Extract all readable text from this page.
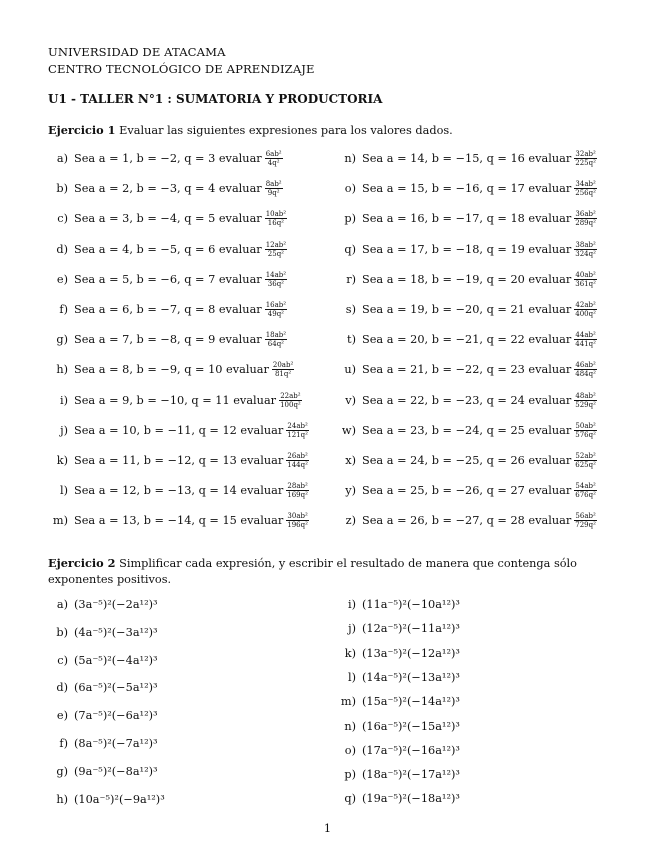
UNIVERSIDAD DE ATACAMA
CENTRO TECNOLÓGICO DE APRENDIZAJE
U1 - TALLER N°1 : SUMATORIA Y PRODUCTORIA
Ejercicio 1 Evaluar las siguientes expresiones para los valores dados.
a) Sea a = 1, b = −2, q = 3 evaluar $\frac{\text{6ab²}}{\text{4q²}}$
b) Sea a = 2, b = −3, q = 4 evaluar $\frac{\text{8ab²}}{\text{9q²}}$
c) Sea a = 3, b = −4, q = 5 evaluar $\frac{\text{10ab²}}{\text{16q²}}$
d) Sea a = 4, b = −5, q = 6 evaluar $\frac{\text{12ab²}}{\text{25q²}}$
e) Sea a = 5, b = −6, q = 7 evaluar $\frac{\text{14ab²}}{\text{36q²}}$
f) Sea a = 6, b = −7, q = 8 evaluar $\frac{\text{16ab²}}{\text{49q²}}$
g) Sea a = 7, b = −8, q = 9 evaluar $\frac{\text{18ab²}}{\text{64q²}}$
h) Sea a = 8, b = −9, q = 10 evaluar $\frac{\text{20ab²}}{\text{81q²}}$
i) Sea a = 9, b = −10, q = 11 evaluar $\frac{\text{22ab²}}{\text{100q²}}$
j) Sea a = 10, b = −11, q = 12 evaluar $\frac{\text{24ab²}}{\text{121q²}}$
k) Sea a = 11, b = −12, q = 13 evaluar $\frac{\text{26ab²}}{\text{144q²}}$
l) Sea a = 12, b = −13, q = 14 evaluar $\frac{\text{28ab²}}{\text{169q²}}$
m) Sea a = 13, b = −14, q = 15 evaluar $\frac{\text{30ab²}}{\text{196q²}}$
n) Sea a = 14, b = −15, q = 16 evaluar $\frac{\text{32ab²}}{\text{225q²}}$
o) Sea a = 15, b = −16, q = 17 evaluar $\frac{\text{34ab²}}{\text{256q²}}$
p) Sea a = 16, b = −17, q = 18 evaluar $\frac{\text{36ab²}}{\text{289q²}}$
q) Sea a = 17, b = −18, q = 19 evaluar $\frac{\text{38ab²}}{\text{324q²}}$
r) Sea a = 18, b = −19, q = 20 evaluar $\frac{\text{40ab²}}{\text{361q²}}$
s) Sea a = 19, b = −20, q = 21 evaluar $\frac{\text{42ab²}}{\text{400q²}}$
t) Sea a = 20, b = −21, q = 22 evaluar $\frac{\text{44ab²}}{\text{441q²}}$
u) Sea a = 21, b = −22, q = 23 evaluar $\frac{\text{46ab²}}{\text{484q²}}$
v) Sea a = 22, b = −23, q = 24 evaluar $\frac{\text{48ab²}}{\text{529q²}}$
w) Sea a = 23, b = −24, q = 25 evaluar $\frac{\text{50ab²}}{\text{576q²}}$
x) Sea a = 24, b = −25, q = 26 evaluar $\frac{\text{52ab²}}{\text{625q²}}$
y) Sea a = 25, b = −26, q = 27 evaluar $\frac{\text{54ab²}}{\text{676q²}}$
z) Sea a = 26, b = −27, q = 28 evaluar $\frac{\text{56ab²}}{\text{729q²}}$
Ejercicio 2 Simplificar cada expresión, y escribir el resultado de manera que contenga sólo exponentes positivos.
a) (3a⁻⁵)²(−2a¹²)³
b) (4a⁻⁵)²(−3a¹²)³
c) (5a⁻⁵)²(−4a¹²)³
d) (6a⁻⁵)²(−5a¹²)³
e) (7a⁻⁵)²(−6a¹²)³
f) (8a⁻⁵)²(−7a¹²)³
g) (9a⁻⁵)²(−8a¹²)³
h) (10a⁻⁵)²(−9a¹²)³
i) (11a⁻⁵)²(−10a¹²)³
j) (12a⁻⁵)²(−11a¹²)³
k) (13a⁻⁵)²(−12a¹²)³
l) (14a⁻⁵)²(−13a¹²)³
m) (15a⁻⁵)²(−14a¹²)³
n) (16a⁻⁵)²(−15a¹²)³
o) (17a⁻⁵)²(−16a¹²)³
p) (18a⁻⁵)²(−17a¹²)³
q) (19a⁻⁵)²(−18a¹²)³
1
